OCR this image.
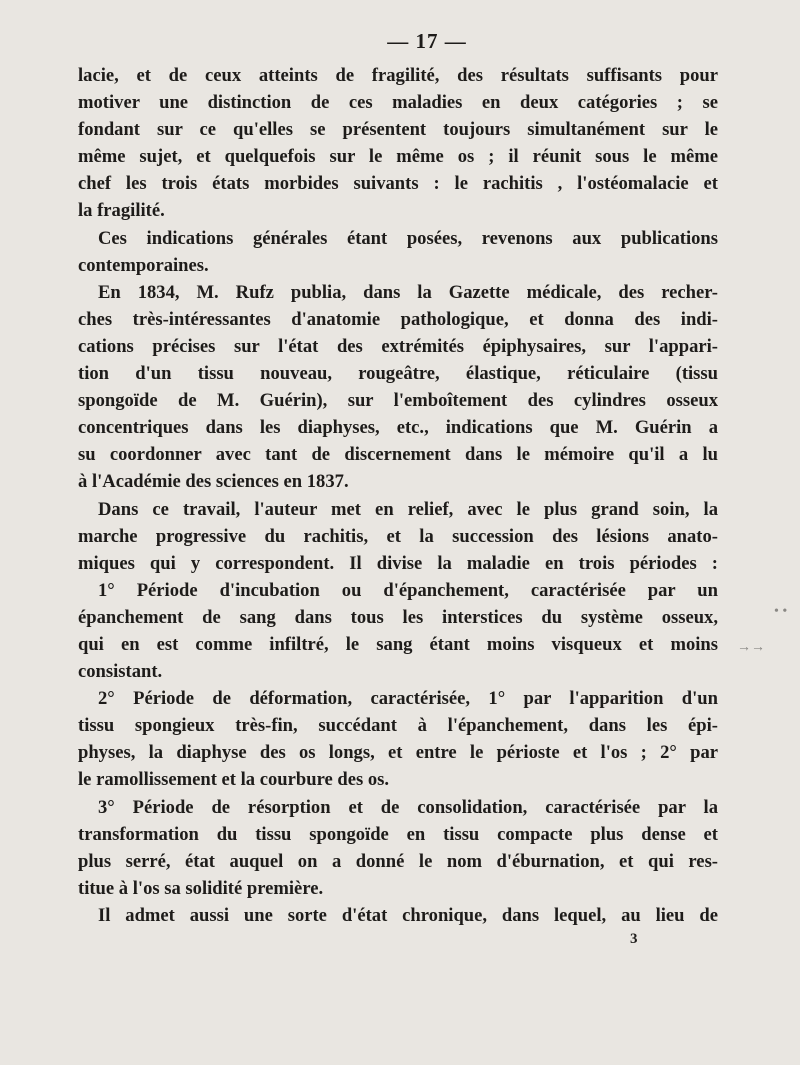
— 17 —
lacie, et de ceux atteints de fragilité, des résultats suffisants pour
motiver une distinction de ces maladies en deux catégories ; se
fondant sur ce qu'elles se présentent toujours simultanément sur le
même sujet, et quelquefois sur le même os ; il réunit sous le même
chef les trois états morbides suivants : le rachitis , l'ostéomalacie et
la fragilité.
Ces indications générales étant posées, revenons aux publications
contemporaines.
En 1834, M. Rufz publia, dans la Gazette médicale, des recher-
ches très-intéressantes d'anatomie pathologique, et donna des indi-
cations précises sur l'état des extrémités épiphysaires, sur l'appari-
tion d'un tissu nouveau, rougeâtre, élastique, réticulaire (tissu
spongoïde de M. Guérin), sur l'emboîtement des cylindres osseux
concentriques dans les diaphyses, etc., indications que M. Guérin a
su coordonner avec tant de discernement dans le mémoire qu'il a lu
à l'Académie des sciences en 1837.
Dans ce travail, l'auteur met en relief, avec le plus grand soin, la
marche progressive du rachitis, et la succession des lésions anato-
miques qui y correspondent. Il divise la maladie en trois périodes :
1° Période d'incubation ou d'épanchement, caractérisée par un
épanchement de sang dans tous les interstices du système osseux,
qui en est comme infiltré, le sang étant moins visqueux et moins
consistant.
2° Période de déformation, caractérisée, 1° par l'apparition d'un
tissu spongieux très-fin, succédant à l'épanchement, dans les épi-
physes, la diaphyse des os longs, et entre le périoste et l'os ; 2° par
le ramollissement et la courbure des os.
3° Période de résorption et de consolidation, caractérisée par la
transformation du tissu spongoïde en tissu compacte plus dense et
plus serré, état auquel on a donné le nom d'éburnation, et qui res-
titue à l'os sa solidité première.
Il admet aussi une sorte d'état chronique, dans lequel, au lieu de
3
• •
→→
